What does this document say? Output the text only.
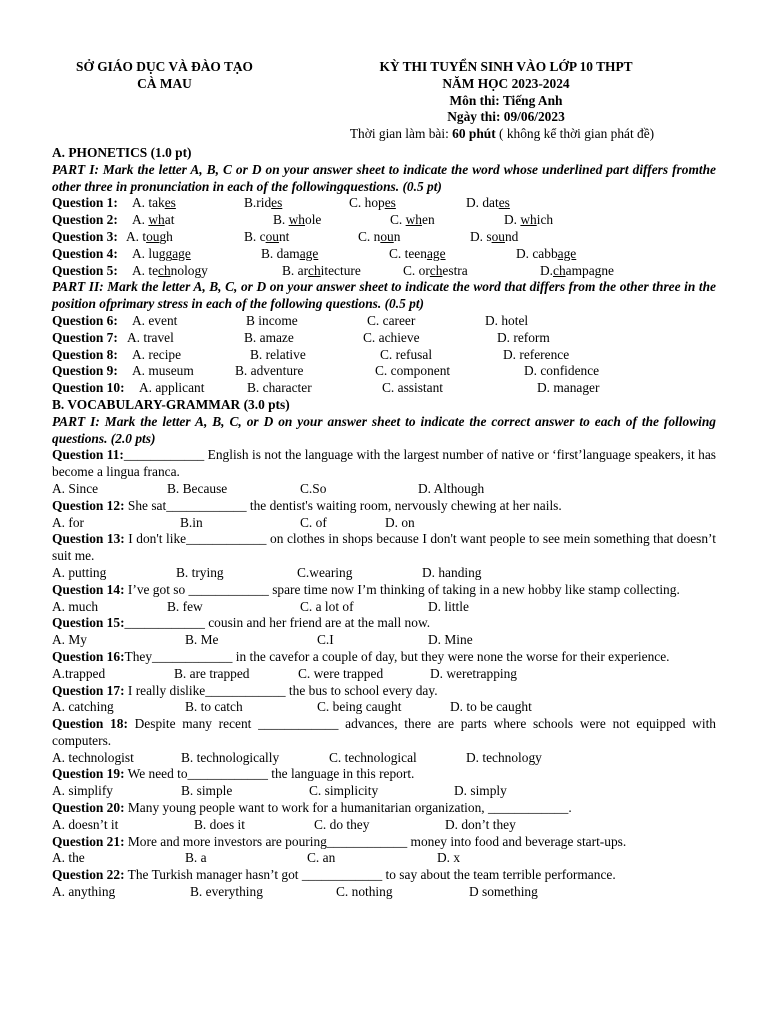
SỞ GIÁO DỤC VÀ ĐÀO TẠO
CÀ MAU
KỲ THI TUYỂN SINH VÀO LỚP 10 THPT
NĂM HỌC 2023-2024
Môn thi: Tiếng Anh
Ngày thi: 09/06/2023
Thời gian làm bài: 60 phút ( không kể thời gian phát đề)
A. PHONETICS (1.0 pt)
PART I: Mark the letter A, B, C or D on your answer sheet to indicate the word whose underlined part differs fromthe other three in pronunciation in each of the followingquestions. (0.5 pt)
Question 1: A. takes	B.rides	C. hopes	D. dates
Question 2: A. what	B. whole	C. when	D. which
Question 3: A. tough	B. count	C. noun	D. sound
Question 4: A. luggage	B. damage	C. teenage	D. cabbage
Question 5: A. technology	B. architecture	C. orchestra	D.champagne
PART II: Mark the letter A, B, C, or D on your answer sheet to indicate the word that differs from the other three in the position ofprimary stress in each of the following questions. (0.5 pt)
Question 6: A. event	B income	C. career	D. hotel
Question 7: A. travel	B. amaze	C. achieve	D. reform
Question 8: A. recipe	B. relative	C. refusal	D. reference
Question 9: A. museum	B. adventure	C. component	D. confidence
Question 10: A. applicant	B. character	C. assistant	D. manager
B. VOCABULARY-GRAMMAR (3.0 pts)
PART I: Mark the letter A, B, C, or D on your answer sheet to indicate the correct answer to each of the following questions. (2.0 pts)
Question 11:____________ English is not the language with the largest number of native or ‘first’language speakers, it has become a lingua franca.
A. Since	B. Because	C.So	D. Although
Question 12: She sat____________ the dentist's waiting room, nervously chewing at her nails.
A. for	B.in	C. of	D. on
Question 13: I don't like____________ on clothes in shops because I don't want people to see mein something that doesn’t suit me.
A. putting	B. trying	C.wearing	D. handing
Question 14: I’ve got so ____________ spare time now I’m thinking of taking in a new hobby like stamp collecting.
A. much	B. few	C. a lot of	D. little
Question 15:____________ cousin and her friend are at the mall now.
A. My	B. Me	C.I	D. Mine
Question 16:They____________ in the cavefor a couple of day, but they were none the worse for their experience.
A.trapped	B. are trapped	C. were trapped	D. weretrapping
Question 17: I really dislike____________ the bus to school every day.
A. catching	B. to catch	C. being caught	D. to be caught
Question 18: Despite many recent ____________ advances, there are parts where schools were not equipped with computers.
A. technologist	B. technologically	C. technological	D. technology
Question 19: We need to____________ the language in this report.
A. simplify	B. simple	C. simplicity	D. simply
Question 20: Many young people want to work for a humanitarian organization, ____________.
A. doesn’t it	B. does it	C. do they	D. don’t they
Question 21: More and more investors are pouring____________ money into food and beverage start-ups.
A. the	B. a	C. an	D. x
Question 22: The Turkish manager hasn’t got ____________ to say about the team terrible performance.
A. anything	B. everything	C. nothing	D something
